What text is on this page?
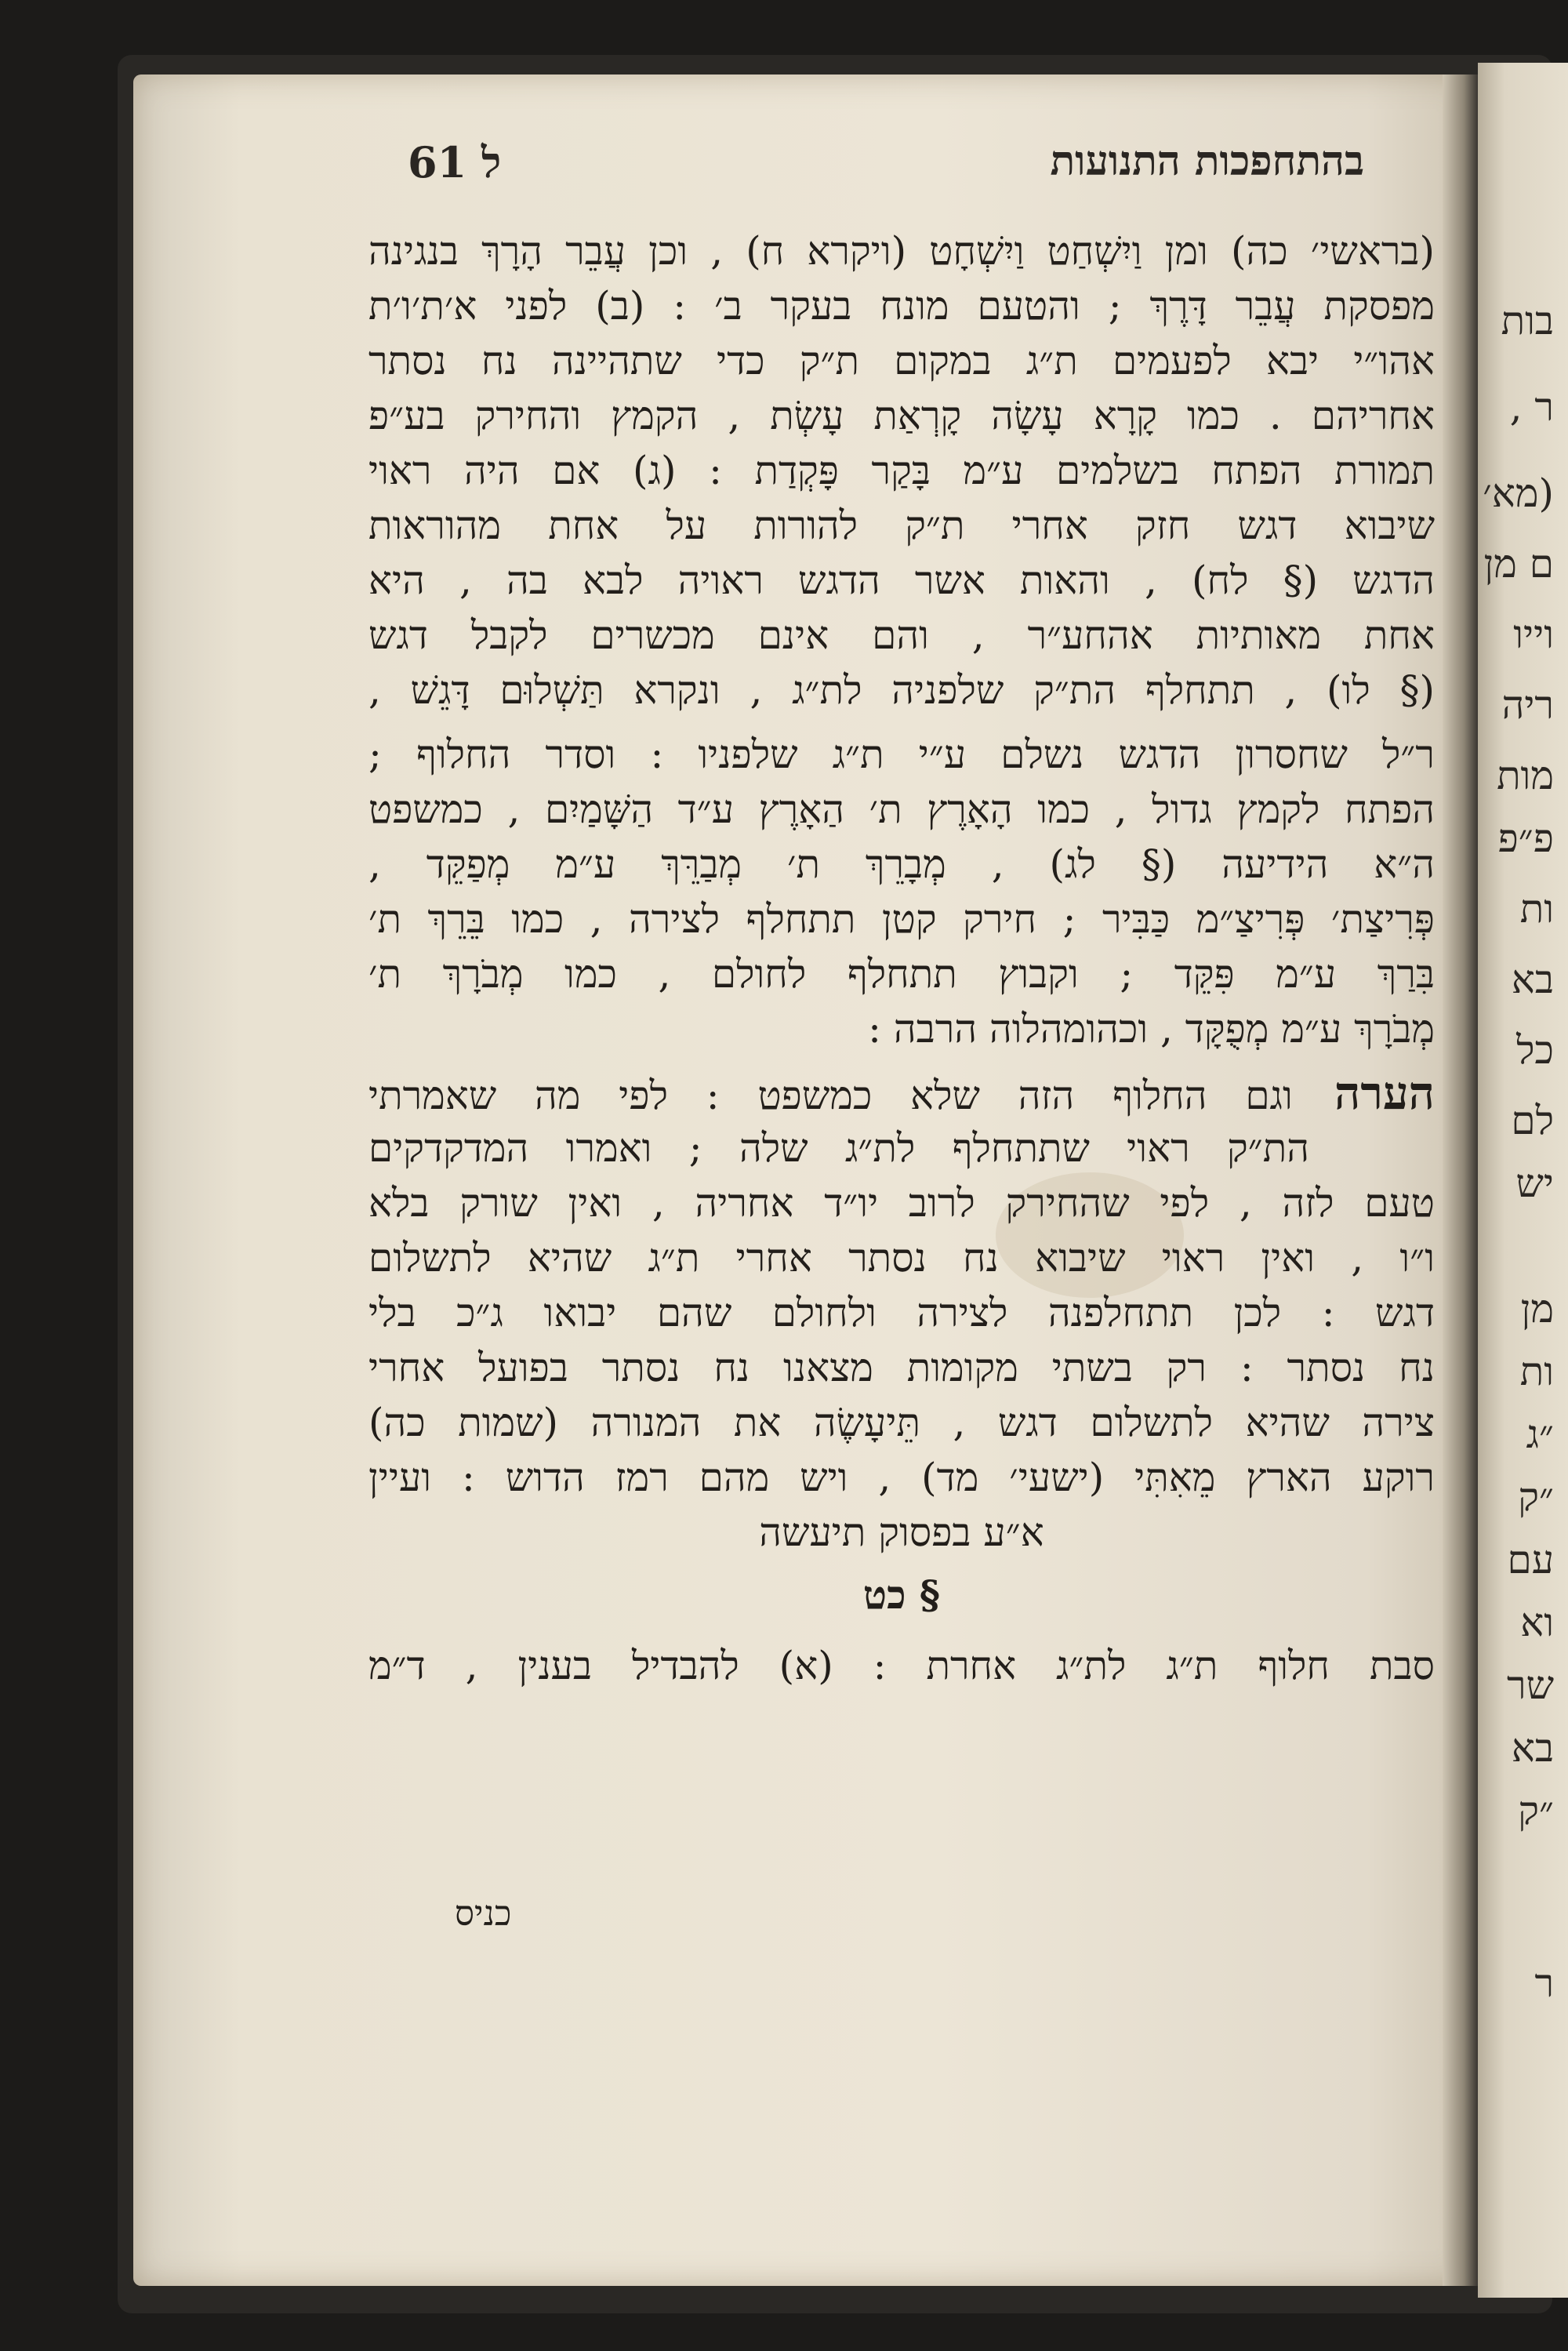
בות
ר ,
(מא׳
ם מן
וייו
ריה
מות
פ״פ
ות
בא
כל
לם
יש
מן
ות
״ג
״ק
עם
וא
שר
בא
״ק
ר
ל 61	בהתחפכות התנועות
(בראשי׳ כה) ומן וַיִשְׁחַט וַיִשְׁחָט (ויקרא ח) , וכן עֲבֵר הָרָךְ בנגינה
מפסקת עֲבֵר דָּרֶךְ ; והטעם מונח בעקר ב׳ : (ב) לפני א׳ת׳ו׳ת
אהו״י יבא לפעמים ת״ג במקום ת״ק כדי שתהיינה נח נסתר
אחריהם . כמו קָרָא עָשָׂה קָרְאַת עָשְׂת , הקמץ והחירק בע״פ
תמורת הפתח בשלמים ע״מ בָּקַר פָּקְדַת : (ג) אם היה ראוי
שיבוא דגש חזק אחרי ת״ק להורות על אחת מהוראות
הדגש (§ לח) , והאות אשר הדגש ראויה לבא בה , היא
אחת מאותיות אהחע״ר , והם אינם מכשרים לקבל דגש
(§ לו) , תתחלף הת״ק שלפניה לת״ג , ונקרא תַּשְׁלוּם דָּגֵשׁ ,
ר״ל שחסרון הדגש נשלם ע״י ת״ג שלפניו : וסדר החלוף ;
הפתח לקמץ גדול , כמו הָאָרֶץ ת׳ הַאָרֶץ ע״ד הַשָּׁמַיִם , כמשפט
ה״א הידיעה (§ לג) , מְבָרֵךְ ת׳ מְבַרֵּךְ ע״מ מְפַקֵּד ,
פְּרִיצַת׳ פְּרִיצַ״מ כַּבִּיר ; חירק קטן תתחלף לצירה , כמו בֵּרֵךְ ת׳
בִּרַךְ ע״מ פִּקֵּד ; וקבוץ תתחלף לחולם , כמו מְבֹרָךְ ת׳
מְבֹרָךְ ע״מ מְפֻקָּד , וכהומהלוה הרבה :
הערה וגם החלוף הזה שלא כמשפט : לפי מה שאמרתי
הת״ק ראוי שתתחלף לת״ג שלה ; ואמרו המדקדקים
טעם לזה , לפי שהחירק לרוב יו״ד אחריה , ואין שורק בלא
ו״ו , ואין ראוי שיבוא נח נסתר אחרי ת״ג שהיא לתשלום
דגש : לכן תתחלפנה לצירה ולחולם שהם יבואו ג״כ בלי
נח נסתר : רק בשתי מקומות מצאנו נח נסתר בפועל אחרי
צירה שהיא לתשלום דגש , תֵּיעָשֶׂה את המנורה (שמות כה)
רוקע הארץ מֵאִתִּי (ישעי׳ מד) , ויש מהם רמז הדוש : ועיין
א״ע בפסוק תיעשה
§ כט
סבת חלוף ת״ג לת״ג אחרת : (א) להבדיל בענין , ד״מ
כניס
